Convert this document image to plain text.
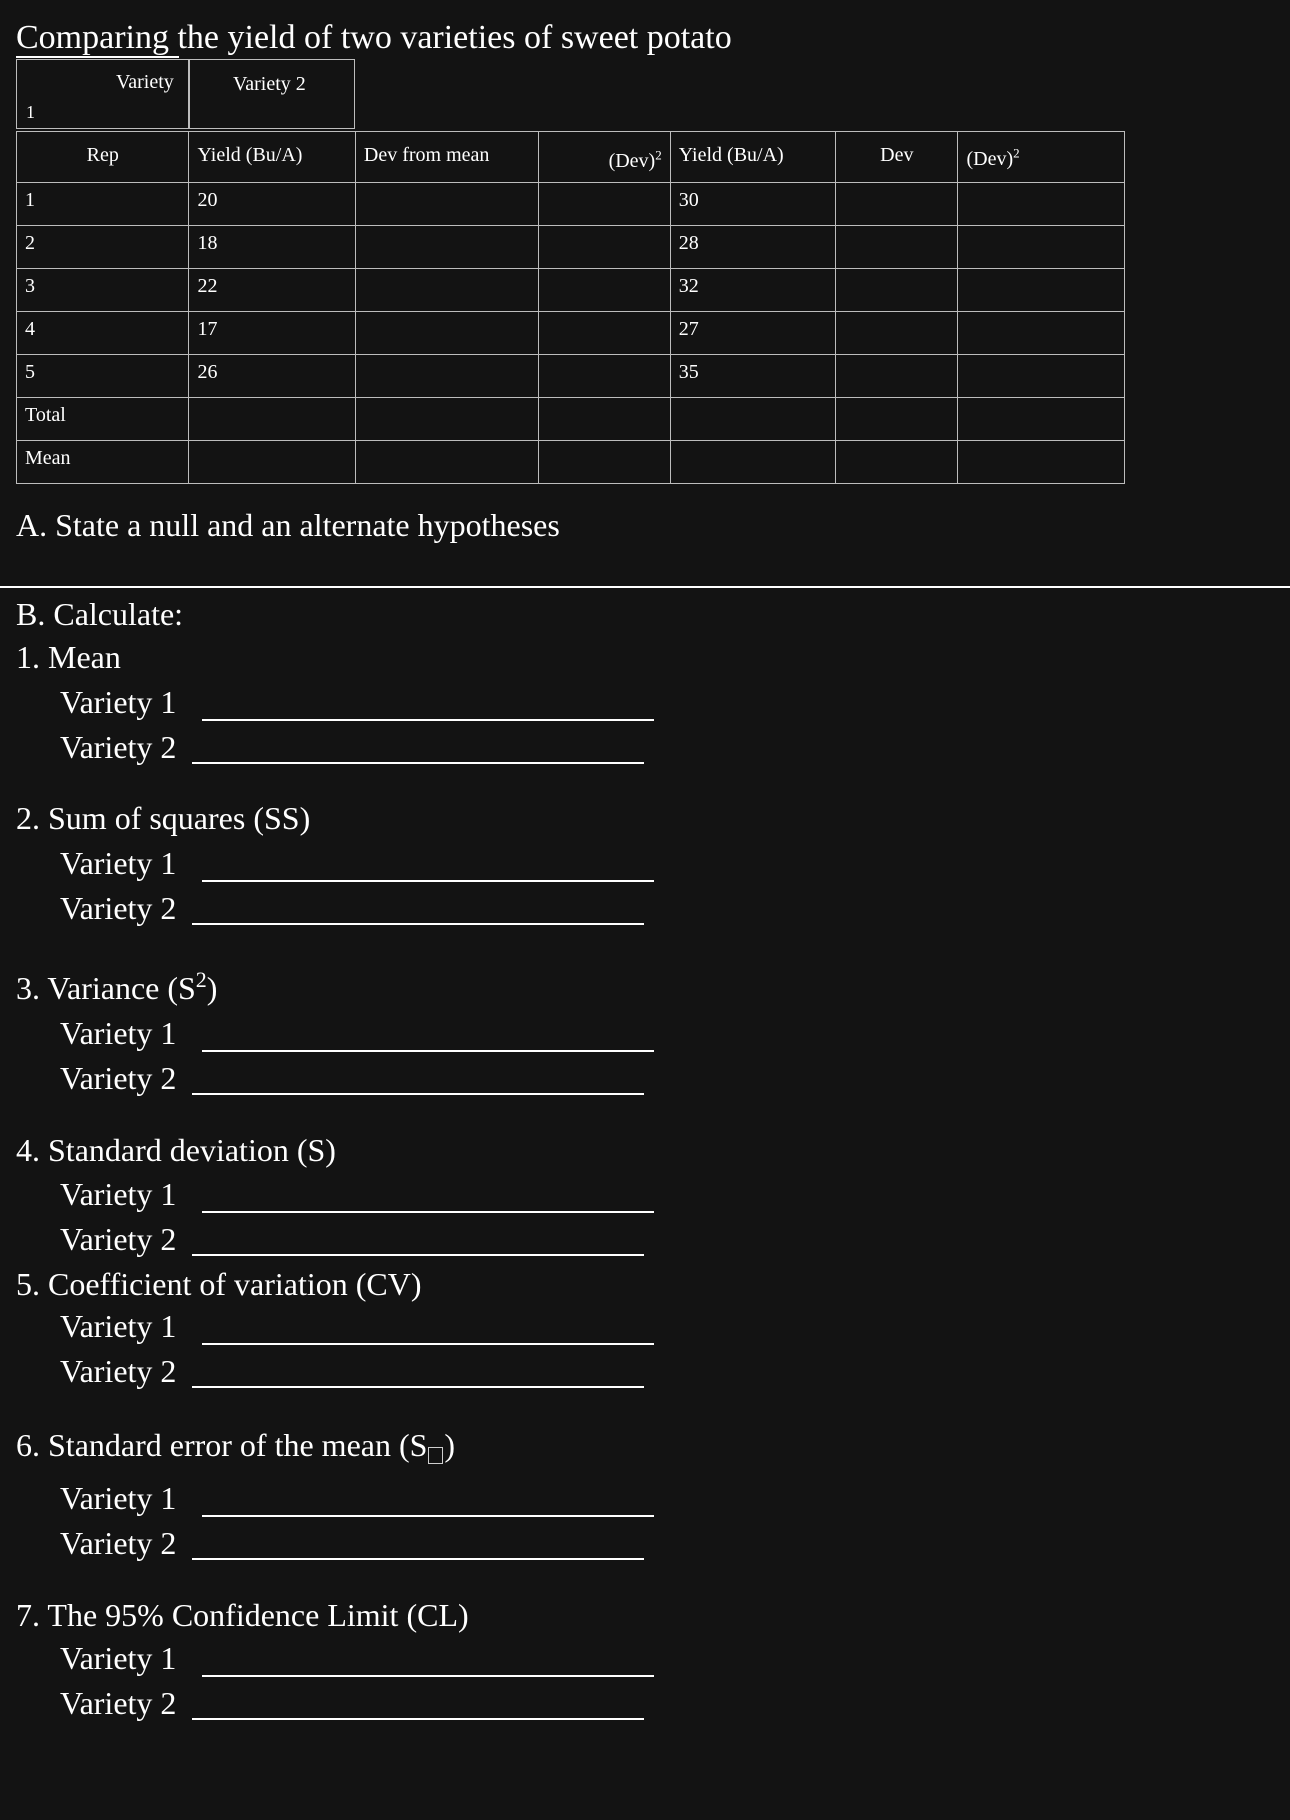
Comparing the yield of two varieties of sweet potato
Variety
1
Variety 2
Rep	Yield (Bu/A)	Dev from mean	(Dev)$^2$	Yield (Bu/A)	Dev	(Dev)$^2$
1	20			30		
2	18			28		
3	22			32		
4	17			27		
5	26			35		
Total						
Mean						
A. State a null and an alternate hypotheses
B. Calculate:
1. Mean
Variety 1
Variety 2
2. Sum of squares (SS)
Variety 1
Variety 2
3. Variance $(S^2)$
Variety 1
Variety 2
4. Standard deviation (S)
Variety 1
Variety 2
5. Coefficient of variation (CV)
Variety 1
Variety 2
6. Standard error of the mean (S )
Variety 1
Variety 2
7. The 95% Confidence Limit (CL)
Variety 1
Variety 2
